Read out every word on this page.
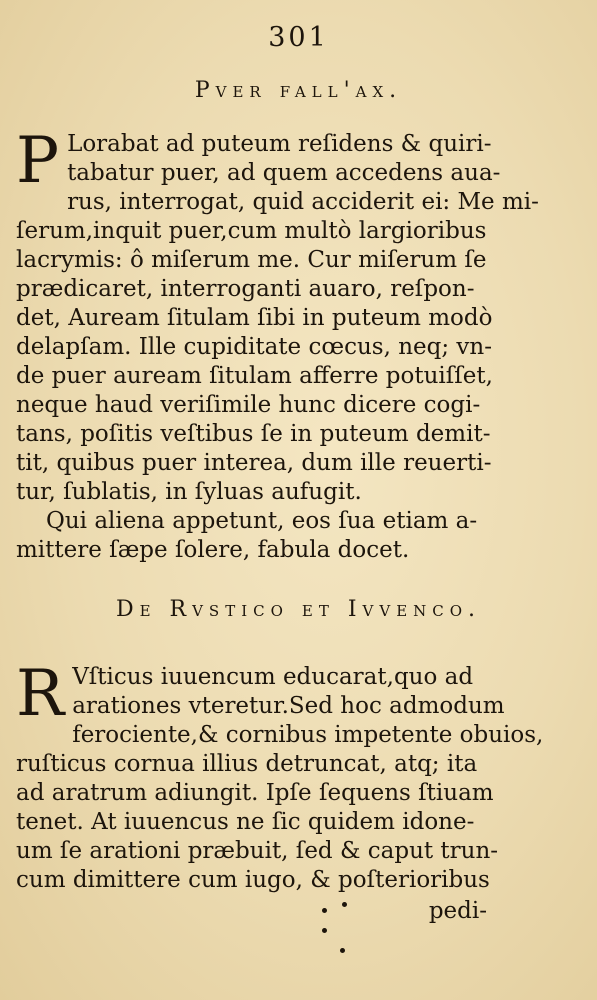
301
Pver fall'ax.
P Lorabat ad puteum reſidens & quiri-
tabatur puer, ad quem accedens aua-
rus, interrogat, quid acciderit ei: Me mi-
ſerum,inquit puer,cum multò largioribus
lacrymis: ô miſerum me. Cur miſerum ſe
prædicaret, interroganti auaro, reſpon-
det, Auream ſitulam ſibi in puteum modò
delapſam. Ille cupiditate cœcus, neq; vn-
de puer auream ſitulam afferre potuiſſet,
neque haud veriſimile hunc dicere cogi-
tans, poſitis veſtibus ſe in puteum demit-
tit, quibus puer interea, dum ille reuerti-
tur, ſublatis, in ſyluas aufugit.
Qui aliena appetunt, eos ſua etiam a-
mittere ſæpe ſolere, fabula docet.
De Rvstico et Ivvenco.
R Vſticus iuuencum educarat,quo ad
arationes vteretur.Sed hoc admodum
ferociente,& cornibus impetente obuios,
ruſticus cornua illius detruncat, atq; ita
ad aratrum adiungit. Ipſe ſequens ſtiuam
tenet. At iuuencus ne ſic quidem idone-
um ſe arationi præbuit, ſed & caput trun-
cum dimittere cum iugo, & poſterioribus
pedi-
